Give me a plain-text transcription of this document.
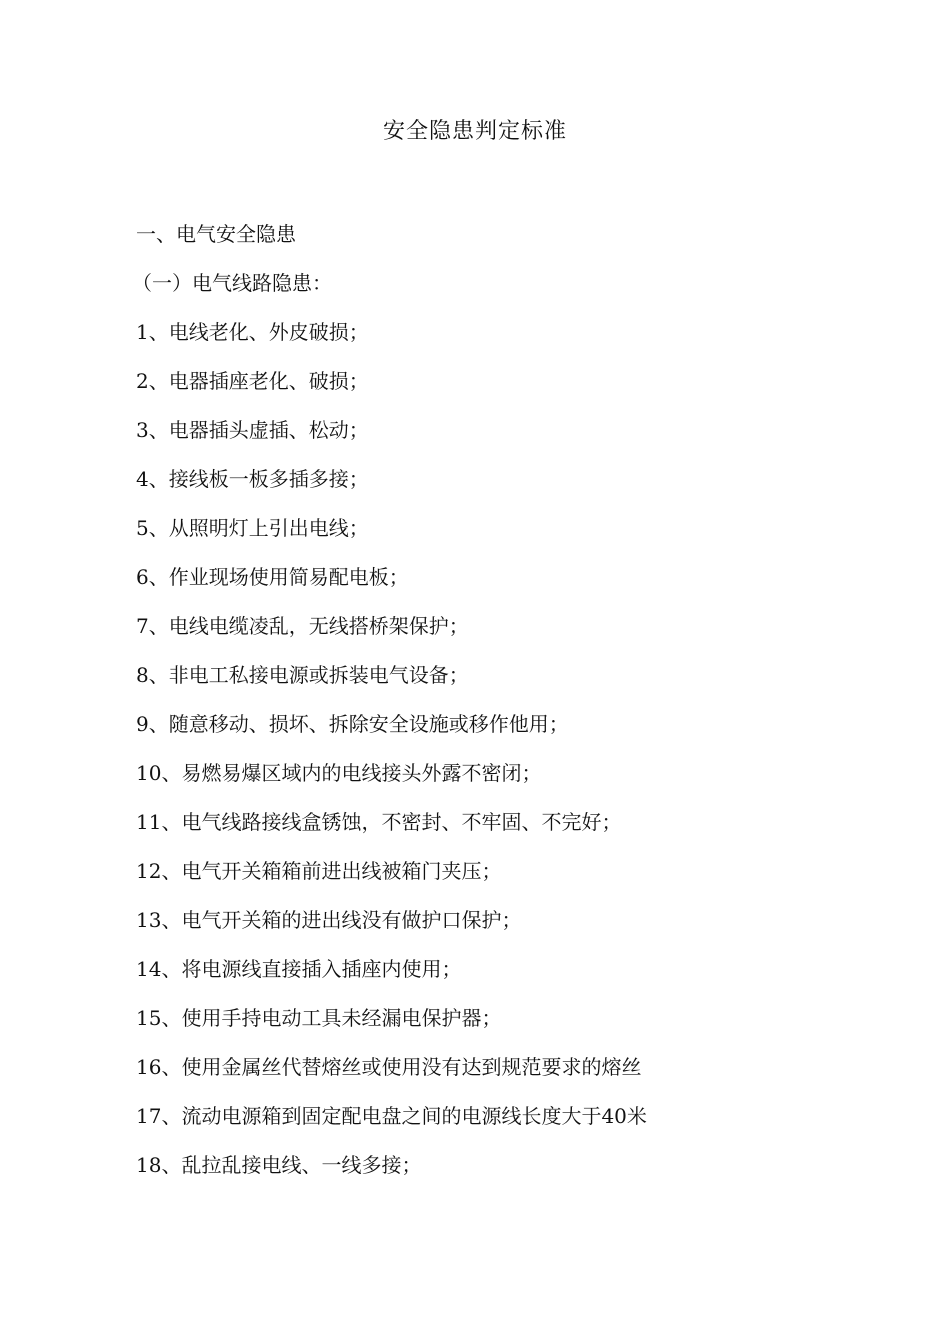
安全隐患判定标准
一、电气安全隐患
（一）电气线路隐患：
1、电线老化、外皮破损；
2、电器插座老化、破损；
3、电器插头虚插、松动；
4、接线板一板多插多接；
5、从照明灯上引出电线；
6、作业现场使用简易配电板；
7、电线电缆凌乱，无线搭桥架保护；
8、非电工私接电源或拆装电气设备；
9、随意移动、损坏、拆除安全设施或移作他用；
10、易燃易爆区域内的电线接头外露不密闭；
11、电气线路接线盒锈蚀，不密封、不牢固、不完好；
12、电气开关箱箱前进出线被箱门夹压；
13、电气开关箱的进出线没有做护口保护；
14、将电源线直接插入插座内使用；
15、使用手持电动工具未经漏电保护器；
16、使用金属丝代替熔丝或使用没有达到规范要求的熔丝
17、流动电源箱到固定配电盘之间的电源线长度大于40米
18、乱拉乱接电线、一线多接；
